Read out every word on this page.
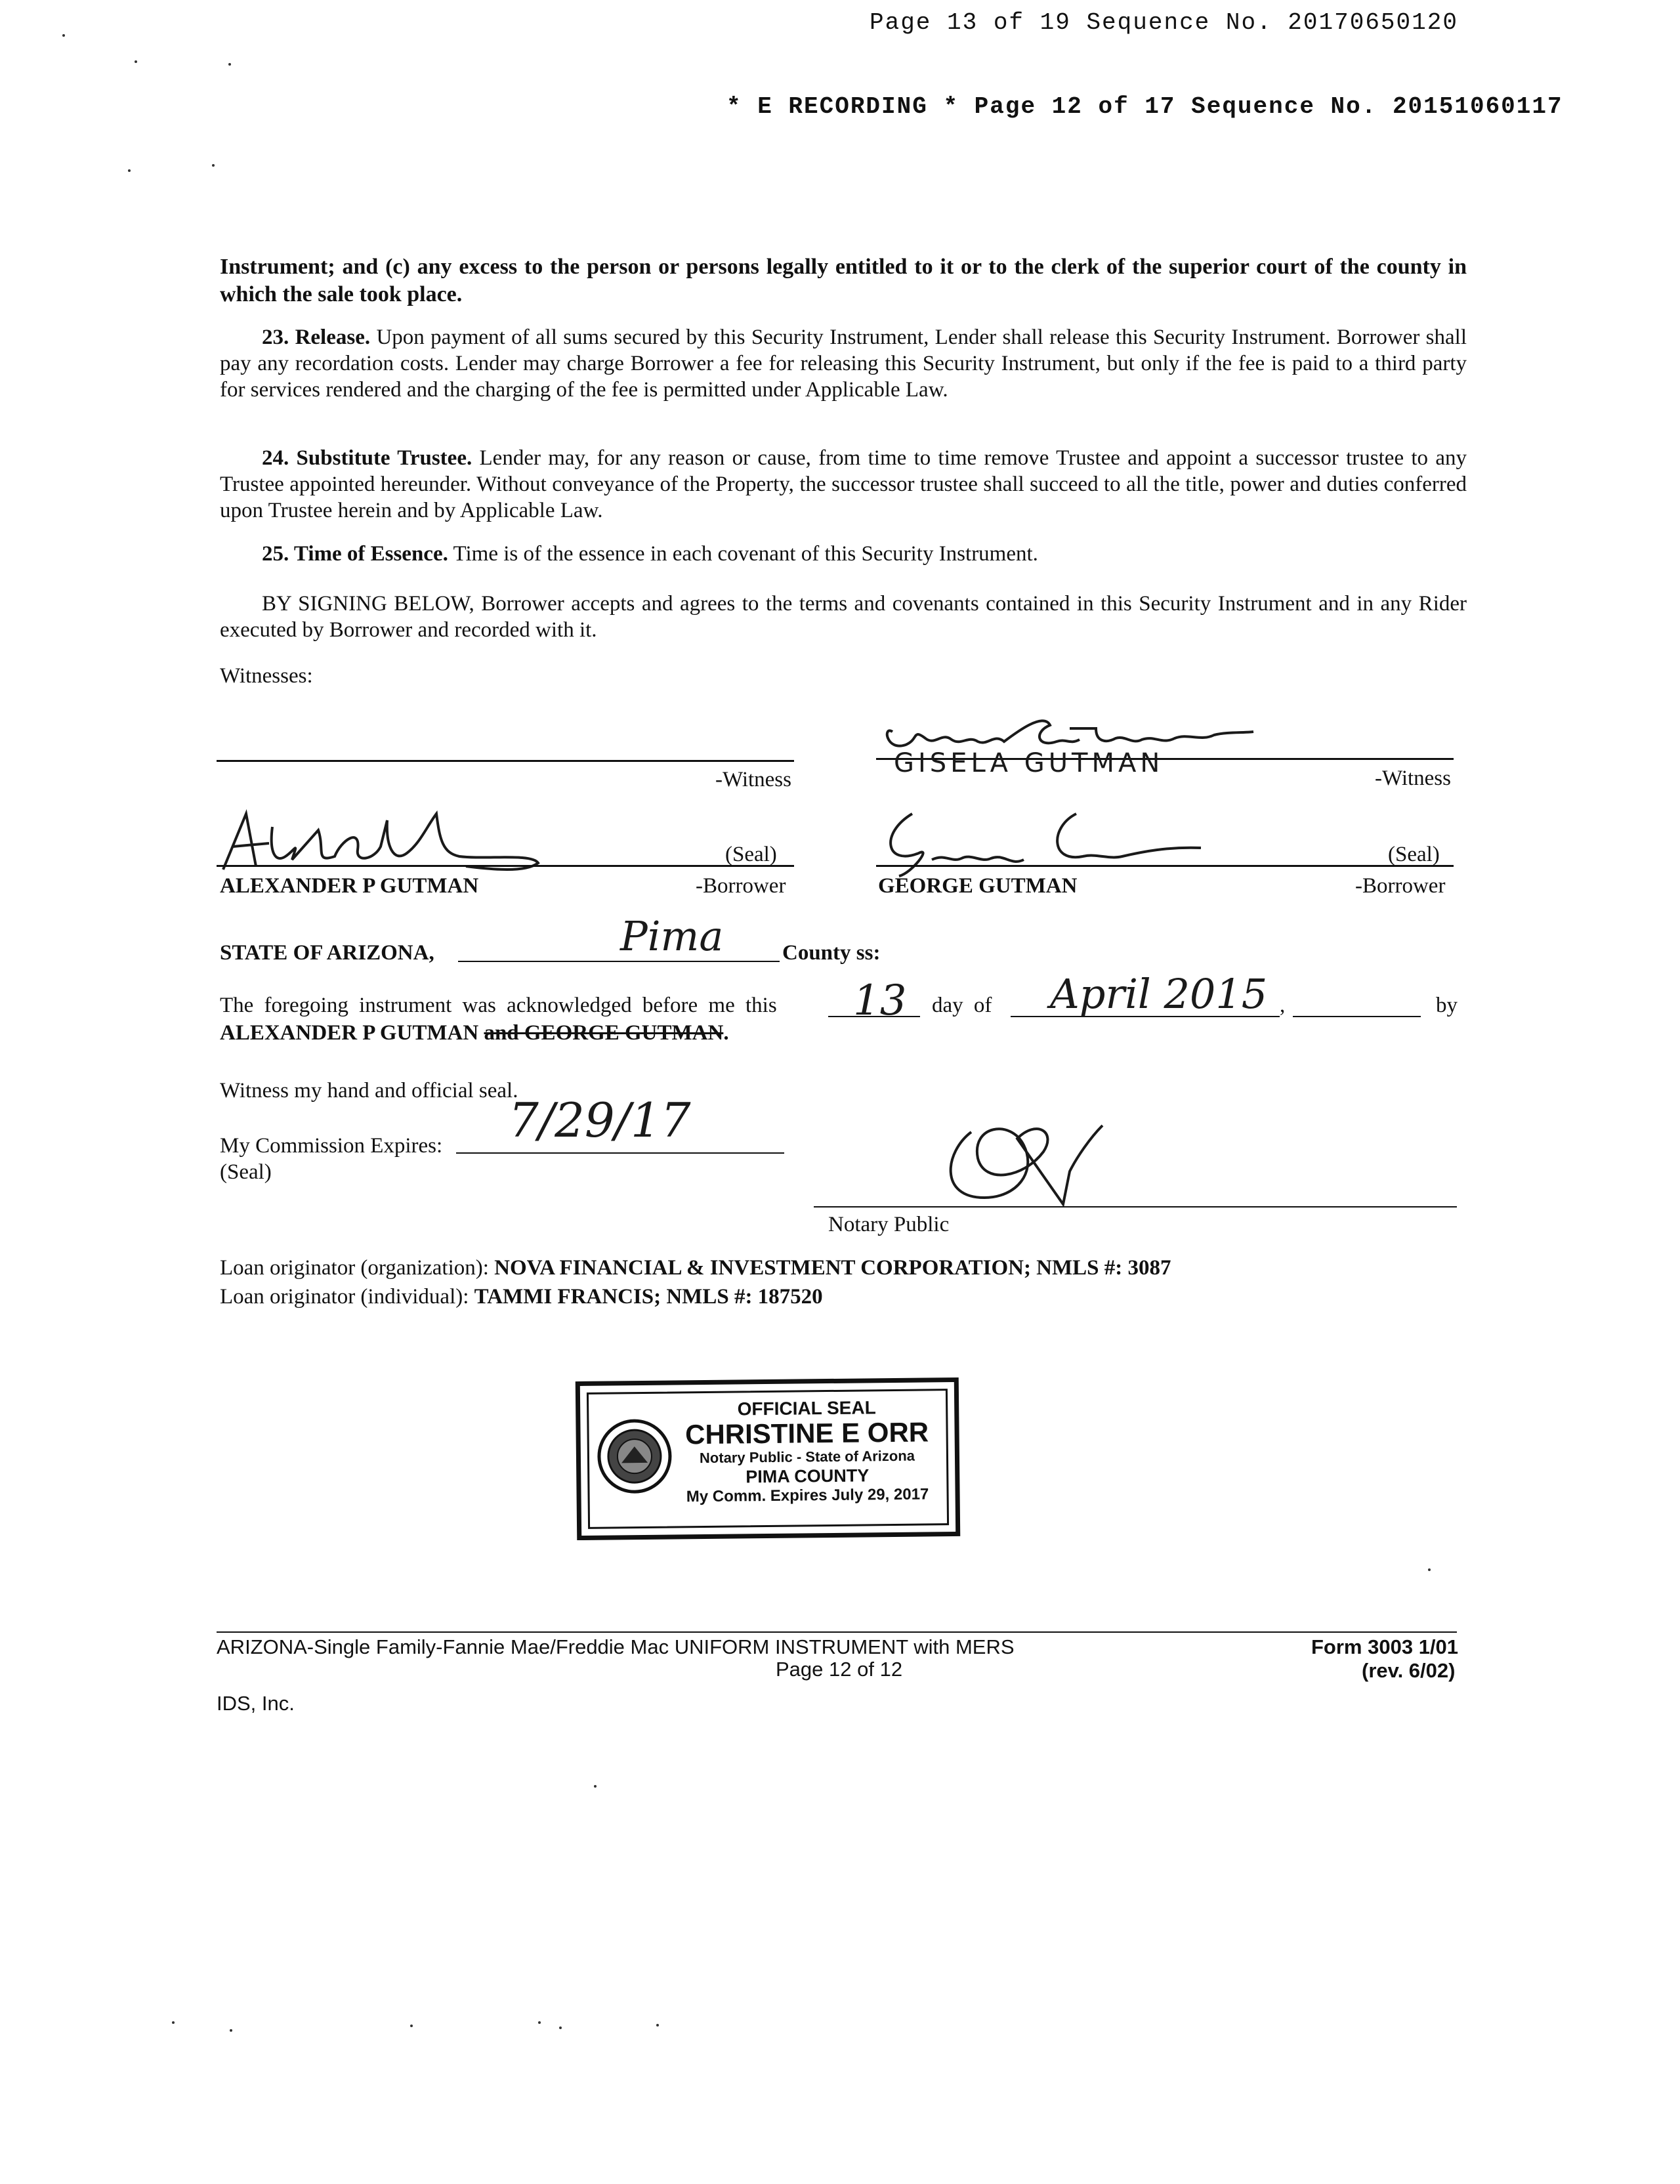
Page 13 of 19 Sequence No. 20170650120
* E RECORDING * Page 12 of 17 Sequence No. 20151060117

Instrument; and (c) any excess to the person or persons legally entitled to it or to the clerk of the superior court of the county in which the sale took place.

23. Release. Upon payment of all sums secured by this Security Instrument, Lender shall release this Security Instrument. Borrower shall pay any recordation costs. Lender may charge Borrower a fee for releasing this Security Instrument, but only if the fee is paid to a third party for services rendered and the charging of the fee is permitted under Applicable Law.

24. Substitute Trustee. Lender may, for any reason or cause, from time to time remove Trustee and appoint a successor trustee to any Trustee appointed hereunder. Without conveyance of the Property, the successor trustee shall succeed to all the title, power and duties conferred upon Trustee herein and by Applicable Law.

25. Time of Essence. Time is of the essence in each covenant of this Security Instrument.

BY SIGNING BELOW, Borrower accepts and agrees to the terms and covenants contained in this Security Instrument and in any Rider executed by Borrower and recorded with it.

Witnesses:
-Witness
GISELA GUTMAN	-Witness
(Seal)
ALEXANDER P GUTMAN	-Borrower
(Seal)
GEORGE GUTMAN	-Borrower
STATE OF ARIZONA,	Pima	County ss:
The foregoing instrument was acknowledged before me this 13 day of April 2015 ,	by
ALEXANDER P GUTMAN and GEORGE GUTMAN.
Witness my hand and official seal.
My Commission Expires: 7/29/17
(Seal)
Notary Public
Loan originator (organization): NOVA FINANCIAL & INVESTMENT CORPORATION; NMLS #: 3087
Loan originator (individual): TAMMI FRANCIS; NMLS #: 187520
OFFICIAL SEAL
CHRISTINE E ORR
Notary Public - State of Arizona
PIMA COUNTY
My Comm. Expires July 29, 2017
ARIZONA-Single Family-Fannie Mae/Freddie Mac UNIFORM INSTRUMENT with MERS
Page 12 of 12
Form 3003 1/01
(rev. 6/02)
IDS, Inc.
